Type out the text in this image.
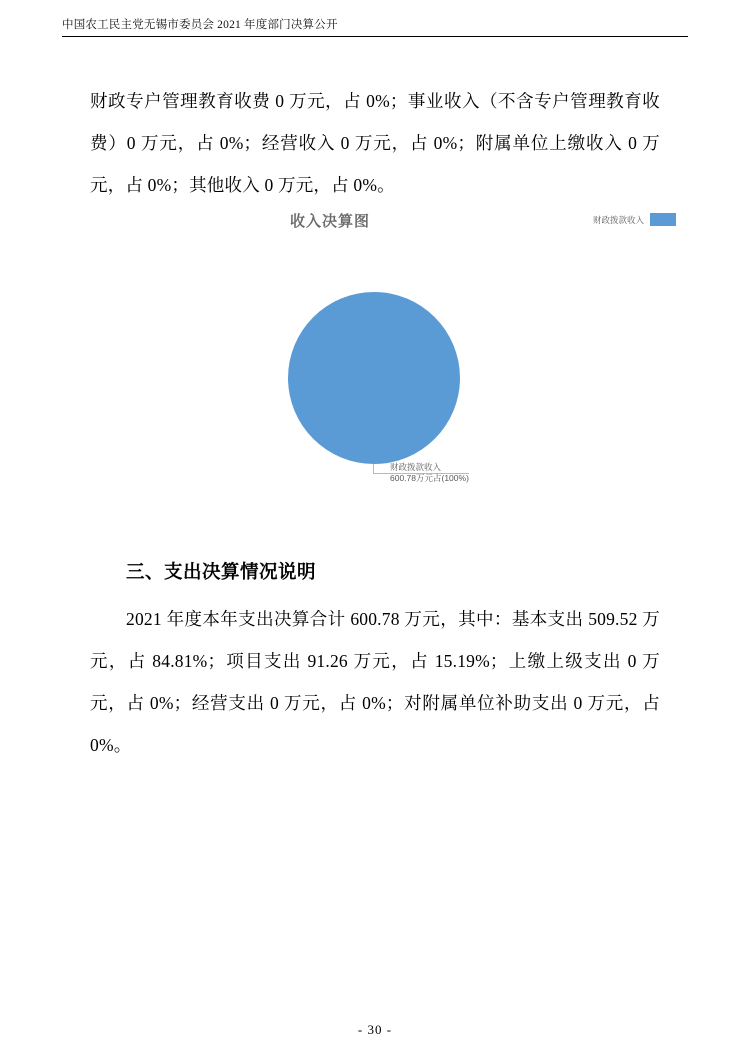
中国农工民主党无锡市委员会 2021 年度部门决算公开

财政专户管理教育收费 0 万元，占 0%；事业收入（不含专户管理教育收费）0 万元，占 0%；经营收入 0 万元，占 0%；附属单位上缴收入 0 万元，占 0%；其他收入 0 万元，占 0%。

收入决算图	财政拨款收入
财政拨款收入
600.78万元占(100%)
三、支出决算情况说明

2021 年度本年支出决算合计 600.78 万元，其中：基本支出 509.52 万元，占 84.81%；项目支出 91.26 万元，占 15.19%；上缴上级支出 0 万元，占 0%；经营支出 0 万元，占 0%；对附属单位补助支出 0 万元，占 0%。

- 30 -
